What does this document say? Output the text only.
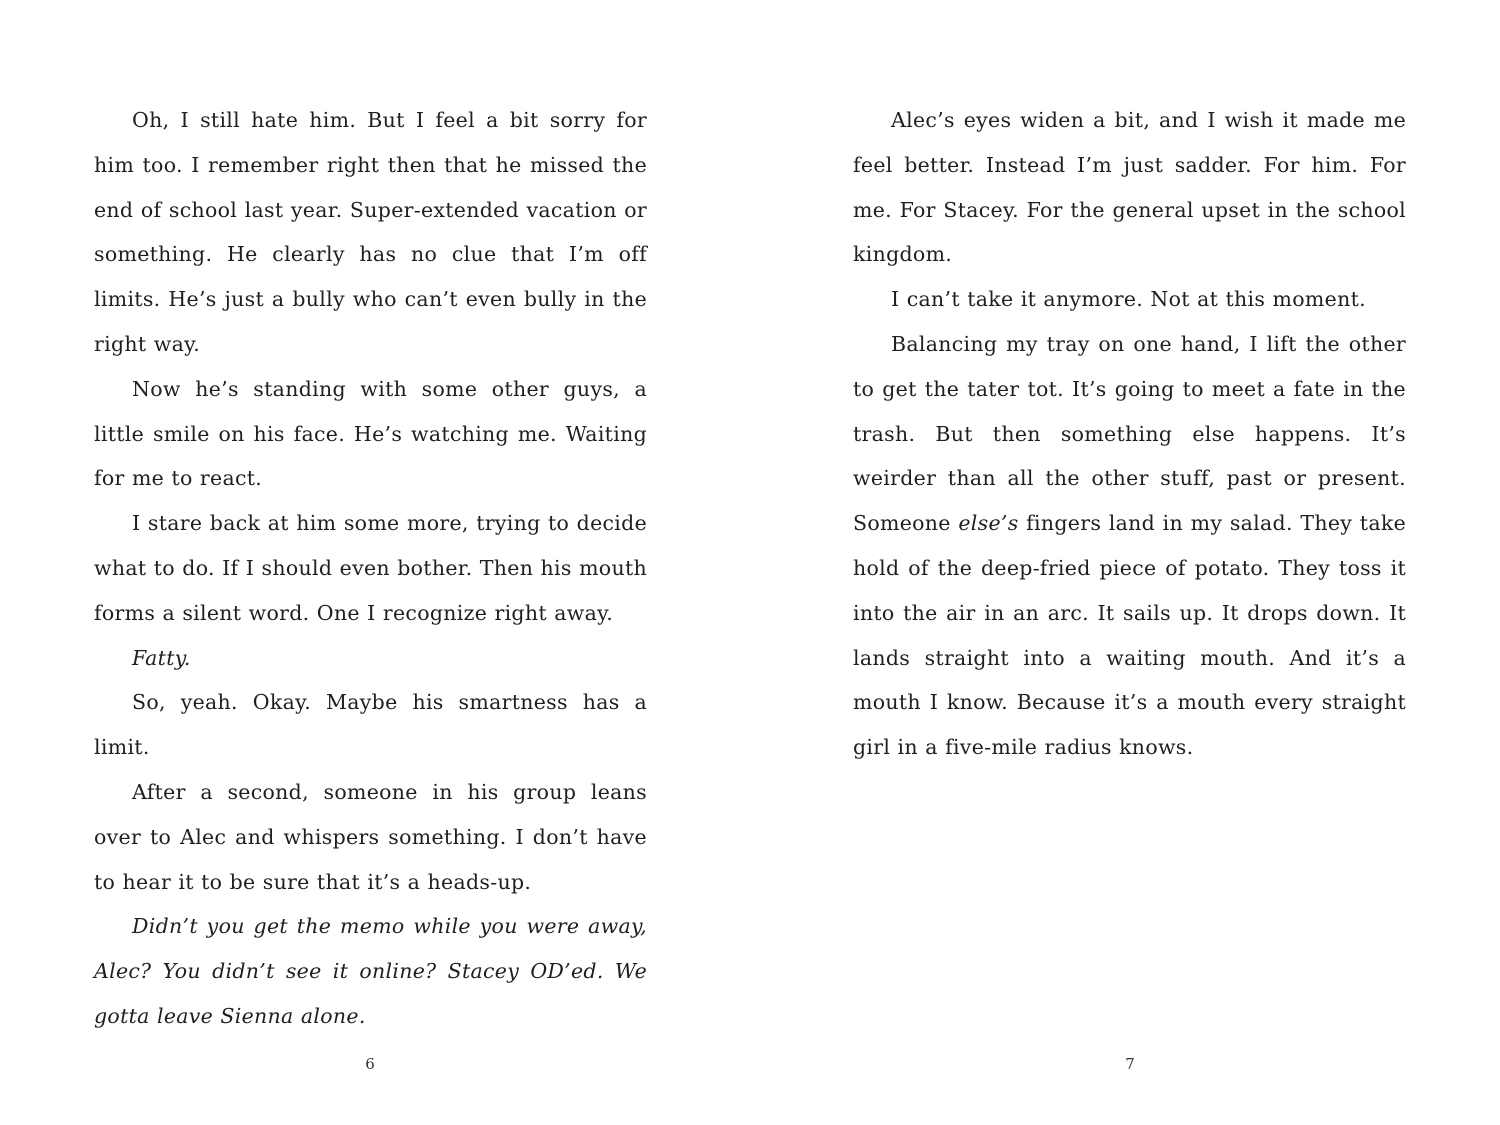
Oh, I still hate him. But I feel a bit sorry for him too. I remember right then that he missed the end of school last year. Super-extended vacation or something. He clearly has no clue that I’m off limits. He’s just a bully who can’t even bully in the right way.

Now he’s standing with some other guys, a little smile on his face. He’s watching me. Waiting for me to react.

I stare back at him some more, trying to decide what to do. If I should even bother. Then his mouth forms a silent word. One I recognize right away.

Fatty.

So, yeah. Okay. Maybe his smartness has a limit.

After a second, someone in his group leans over to Alec and whispers something. I don’t have to hear it to be sure that it’s a heads-up.

Didn’t you get the memo while you were away, Alec? You didn’t see it online? Stacey OD’ed. We gotta leave Sienna alone.

Alec’s eyes widen a bit, and I wish it made me feel better. Instead I’m just sadder. For him. For me. For Stacey. For the general upset in the school kingdom.

I can’t take it anymore. Not at this moment.

Balancing my tray on one hand, I lift the other to get the tater tot. It’s going to meet a fate in the trash. But then something else happens. It’s weirder than all the other stuff, past or present. Someone else’s fingers land in my salad. They take hold of the deep-fried piece of potato. They toss it into the air in an arc. It sails up. It drops down. It lands straight into a waiting mouth. And it’s a mouth I know. Because it’s a mouth every straight girl in a five-mile radius knows.

6	7
